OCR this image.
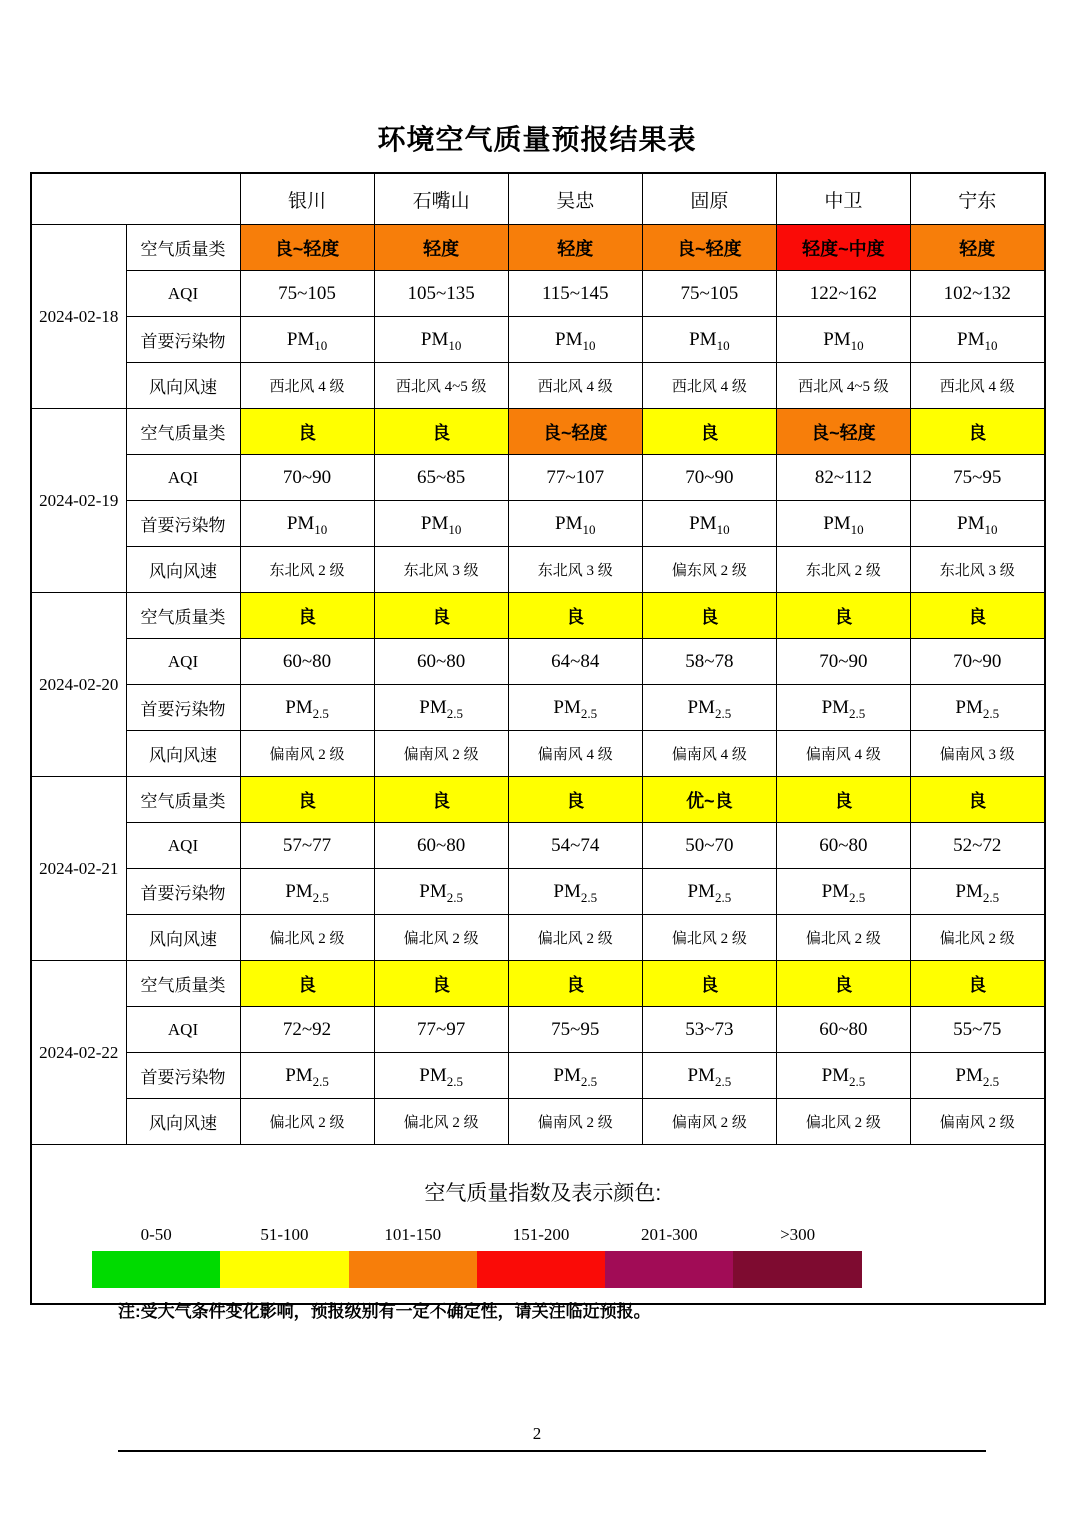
环境空气质量预报结果表
		银川	石嘴山	吴忠	固原	中卫	宁东
2024-02-18	空气质量类	良~轻度	轻度	轻度	良~轻度	轻度~中度	轻度
	AQI	75~105	105~135	115~145	75~105	122~162	102~132
	首要污染物	$PM_{10}$	$PM_{10}$	$PM_{10}$	$PM_{10}$	$PM_{10}$	$PM_{10}$
	风向风速	西北风 4 级	西北风 4~5 级	西北风 4 级	西北风 4 级	西北风 4~5 级	西北风 4 级
2024-02-19	空气质量类	良	良	良~轻度	良	良~轻度	良
	AQI	70~90	65~85	77~107	70~90	82~112	75~95
	首要污染物	$PM_{10}$	$PM_{10}$	$PM_{10}$	$PM_{10}$	$PM_{10}$	$PM_{10}$
	风向风速	东北风 2 级	东北风 3 级	东北风 3 级	偏东风 2 级	东北风 2 级	东北风 3 级
2024-02-20	空气质量类	良	良	良	良	良	良
	AQI	60~80	60~80	64~84	58~78	70~90	70~90
	首要污染物	$PM_{2.5}$	$PM_{2.5}$	$PM_{2.5}$	$PM_{2.5}$	$PM_{2.5}$	$PM_{2.5}$
	风向风速	偏南风 2 级	偏南风 2 级	偏南风 4 级	偏南风 4 级	偏南风 4 级	偏南风 3 级
2024-02-21	空气质量类	良	良	良	优~良	良	良
	AQI	57~77	60~80	54~74	50~70	60~80	52~72
	首要污染物	$PM_{2.5}$	$PM_{2.5}$	$PM_{2.5}$	$PM_{2.5}$	$PM_{2.5}$	$PM_{2.5}$
	风向风速	偏北风 2 级	偏北风 2 级	偏北风 2 级	偏北风 2 级	偏北风 2 级	偏北风 2 级
2024-02-22	空气质量类	良	良	良	良	良	良
	AQI	72~92	77~97	75~95	53~73	60~80	55~75
	首要污染物	$PM_{2.5}$	$PM_{2.5}$	$PM_{2.5}$	$PM_{2.5}$	$PM_{2.5}$	$PM_{2.5}$
	风向风速	偏北风 2 级	偏北风 2 级	偏南风 2 级	偏南风 2 级	偏北风 2 级	偏南风 2 级

空气质量指数及表示颜色:
0-50	51-100	101-150	151-200	201-300	>300
注:受大气条件变化影响，预报级别有一定不确定性，请关注临近预报。
2
